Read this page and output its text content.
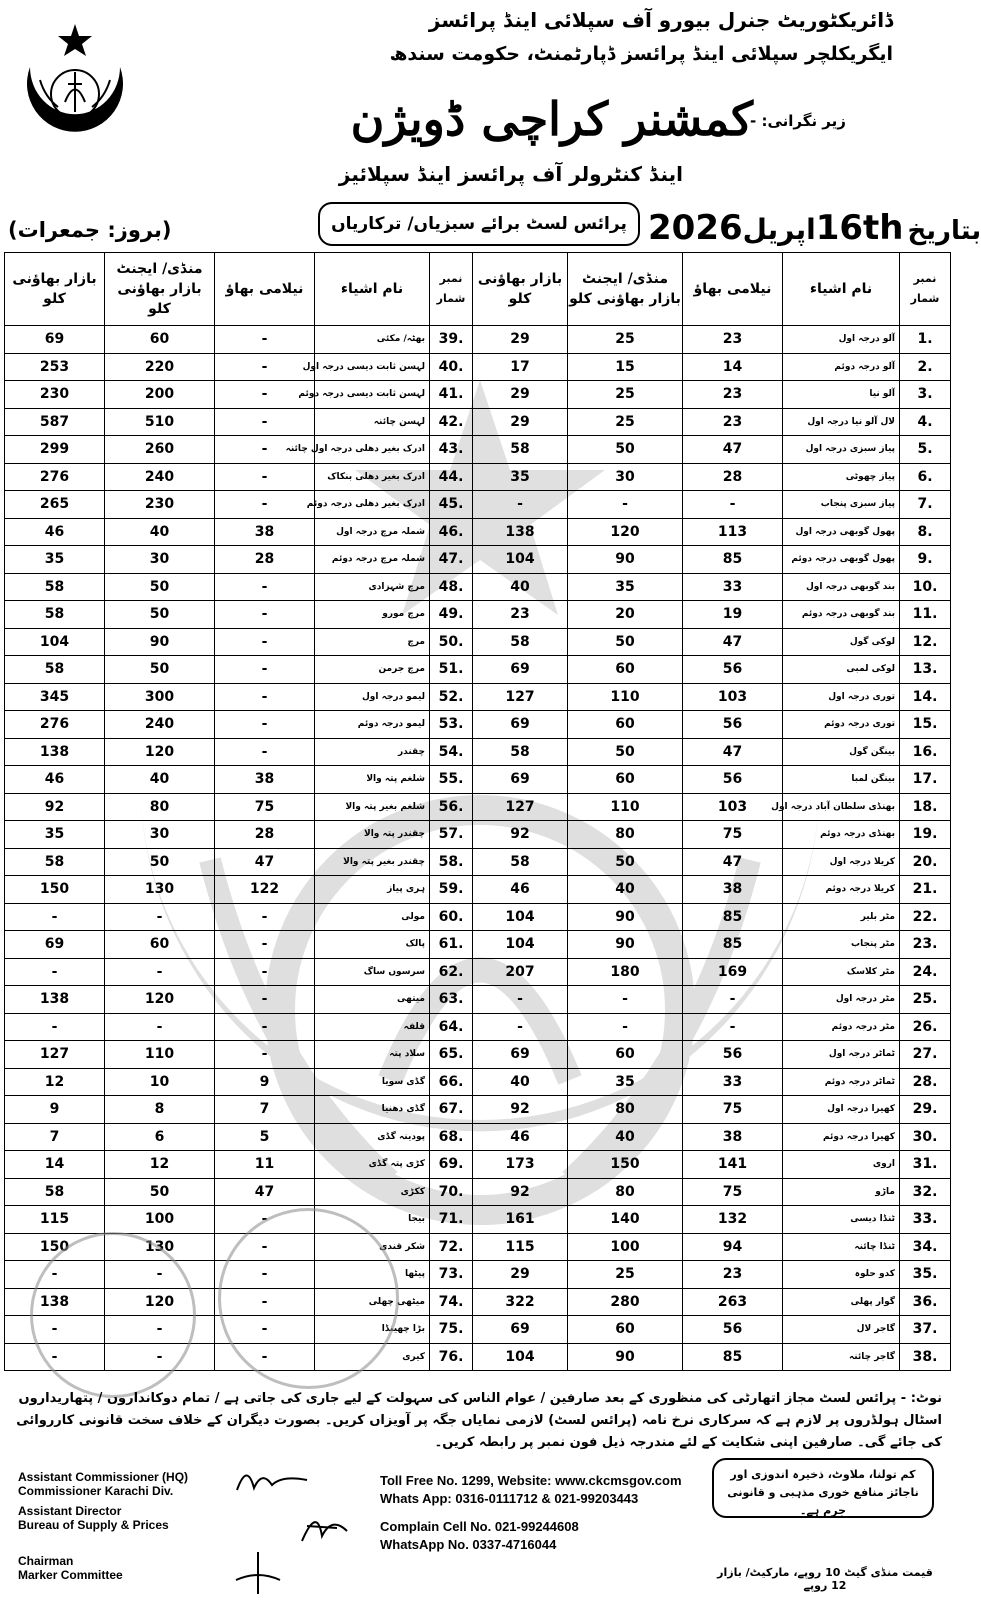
ڈائریکٹوریٹ جنرل بیورو آف سپلائی اینڈ پرائسز
ایگریکلچر سپلائی اینڈ پرائسز ڈپارٹمنٹ، حکومت سندھ
کمشنر کراچی ڈویژن
زیر نگرانی: -
اینڈ کنٹرولر آف پرائسز اینڈ سپلائیز
(بروز: جمعرات)	پرائس لسٹ برائے سبزیاں/ ترکاریاں 2026اپریل16th بتاریخ
بازار بھاؤنی کلو	منڈی/ ایجنٹ بازار بھاؤنی کلو	نیلامی بھاؤ	نام اشیاء	نمبر شمار	بازار بھاؤنی کلو	منڈی/ ایجنٹ بازار بھاؤنی کلو	نیلامی بھاؤ	نام اشیاء	نمبر شمار
69	60	-	بھٹہ/ مکئی	39.	29	25	23	آلو درجہ اول	1.
253	220	-	لہسن ثابت دیسی درجہ اول	40.	17	15	14	آلو درجہ دوئم	2.
230	200	-	لہسن ثابت دیسی درجہ دوئم	41.	29	25	23	آلو نیا	3.
587	510	-	لہسن چائنہ	42.	29	25	23	لال آلو نیا درجہ اول	4.
299	260	-	ادرک بغیر دھلی درجہ اول چائنہ	43.	58	50	47	پیاز سبزی درجہ اول	5.
276	240	-	ادرک بغیر دھلی بنکاک	44.	35	30	28	پیاز چھوٹی	6.
265	230	-	ادرک بغیر دھلی درجہ دوئم	45.	-	-	-	پیاز سبزی پنجاب	7.
46	40	38	شملہ مرچ درجہ اول	46.	138	120	113	پھول گوبھی درجہ اول	8.
35	30	28	شملہ مرچ درجہ دوئم	47.	104	90	85	پھول گوبھی درجہ دوئم	9.
58	50	-	مرچ شہزادی	48.	40	35	33	بند گوبھی درجہ اول	10.
58	50	-	مرچ مورو	49.	23	20	19	بند گوبھی درجہ دوئم	11.
104	90	-	مرچ	50.	58	50	47	لوکی گول	12.
58	50	-	مرچ جرمن	51.	69	60	56	لوکی لمبی	13.
345	300	-	لیمو درجہ اول	52.	127	110	103	توری درجہ اول	14.
276	240	-	لیمو درجہ دوئم	53.	69	60	56	توری درجہ دوئم	15.
138	120	-	چقندر	54.	58	50	47	بینگن گول	16.
46	40	38	شلغم پتہ والا	55.	69	60	56	بینگن لمبا	17.
92	80	75	شلغم بغیر پتہ والا	56.	127	110	103	بھنڈی سلطان آباد درجہ اول	18.
35	30	28	چقندر پتہ والا	57.	92	80	75	بھنڈی درجہ دوئم	19.
58	50	47	چقندر بغیر پتہ والا	58.	58	50	47	کریلا درجہ اول	20.
150	130	122	ہری پیاز	59.	46	40	38	کریلا درجہ دوئم	21.
-	-	-	مولی	60.	104	90	85	مٹر بلیر	22.
69	60	-	پالک	61.	104	90	85	مٹر پنجاب	23.
-	-	-	سرسوں ساگ	62.	207	180	169	مٹر کلاسک	24.
138	120	-	میتھی	63.	-	-	-	مٹر درجہ اول	25.
-	-	-	قلفہ	64.	-	-	-	مٹر درجہ دوئم	26.
127	110	-	سلاد پتہ	65.	69	60	56	ٹماٹر درجہ اول	27.
12	10	9	گڈی سویا	66.	40	35	33	ٹماٹر درجہ دوئم	28.
9	8	7	گڈی دھنیا	67.	92	80	75	کھیرا درجہ اول	29.
7	6	5	پودینہ گڈی	68.	46	40	38	کھیرا درجہ دوئم	30.
14	12	11	کڑی پتہ گڈی	69.	173	150	141	اروی	31.
58	50	47	ککڑی	70.	92	80	75	ماڑو	32.
115	100	-	بیجا	71.	161	140	132	ٹنڈا دیسی	33.
150	130	-	شکر قندی	72.	115	100	94	ٹنڈا چائنہ	34.
-	-	-	پیٹھا	73.	29	25	23	کدو حلوہ	35.
138	120	-	میٹھی چھلی	74.	322	280	263	گوار پھلی	36.
-	-	-	بڑا چھینڈا	75.	69	60	56	گاجر لال	37.
-	-	-	کیری	76.	104	90	85	گاجر چائنہ	38.
نوٹ: - پرائس لسٹ مجاز اتھارٹی کی منظوری کے بعد صارفین / عوام الناس کی سہولت کے لیے جاری کی جاتی ہے / تمام دوکانداروں / پتھاریداروں اسٹال ہولڈروں پر لازم ہے کہ سرکاری نرخ نامہ (پرائس لسٹ) لازمی نمایاں جگہ پر آویزاں کریں۔ بصورت دیگران کے خلاف سخت قانونی کارروائی کی جائے گی۔ صارفین اپنی شکایت کے لئے مندرجہ ذیل فون نمبر پر رابطہ کریں۔
Assistant Commissioner (HQ)
Commissioner Karachi Div.
Assistant Director
Bureau of Supply & Prices
Chairman
Marker Committee
Toll Free No. 1299, Website: www.ckcmsgov.com
Whats App: 0316-0111712 & 021-99203443
Complain Cell No. 021-99244608
WhatsApp No. 0337-4716044
کم تولنا، ملاوٹ، ذخیرہ اندوزی اور ناجائز منافع خوری مذہبی و قانونی جرم ہے۔
قیمت منڈی گیٹ 10 روپے، مارکیٹ/ بازار 12 روپے
